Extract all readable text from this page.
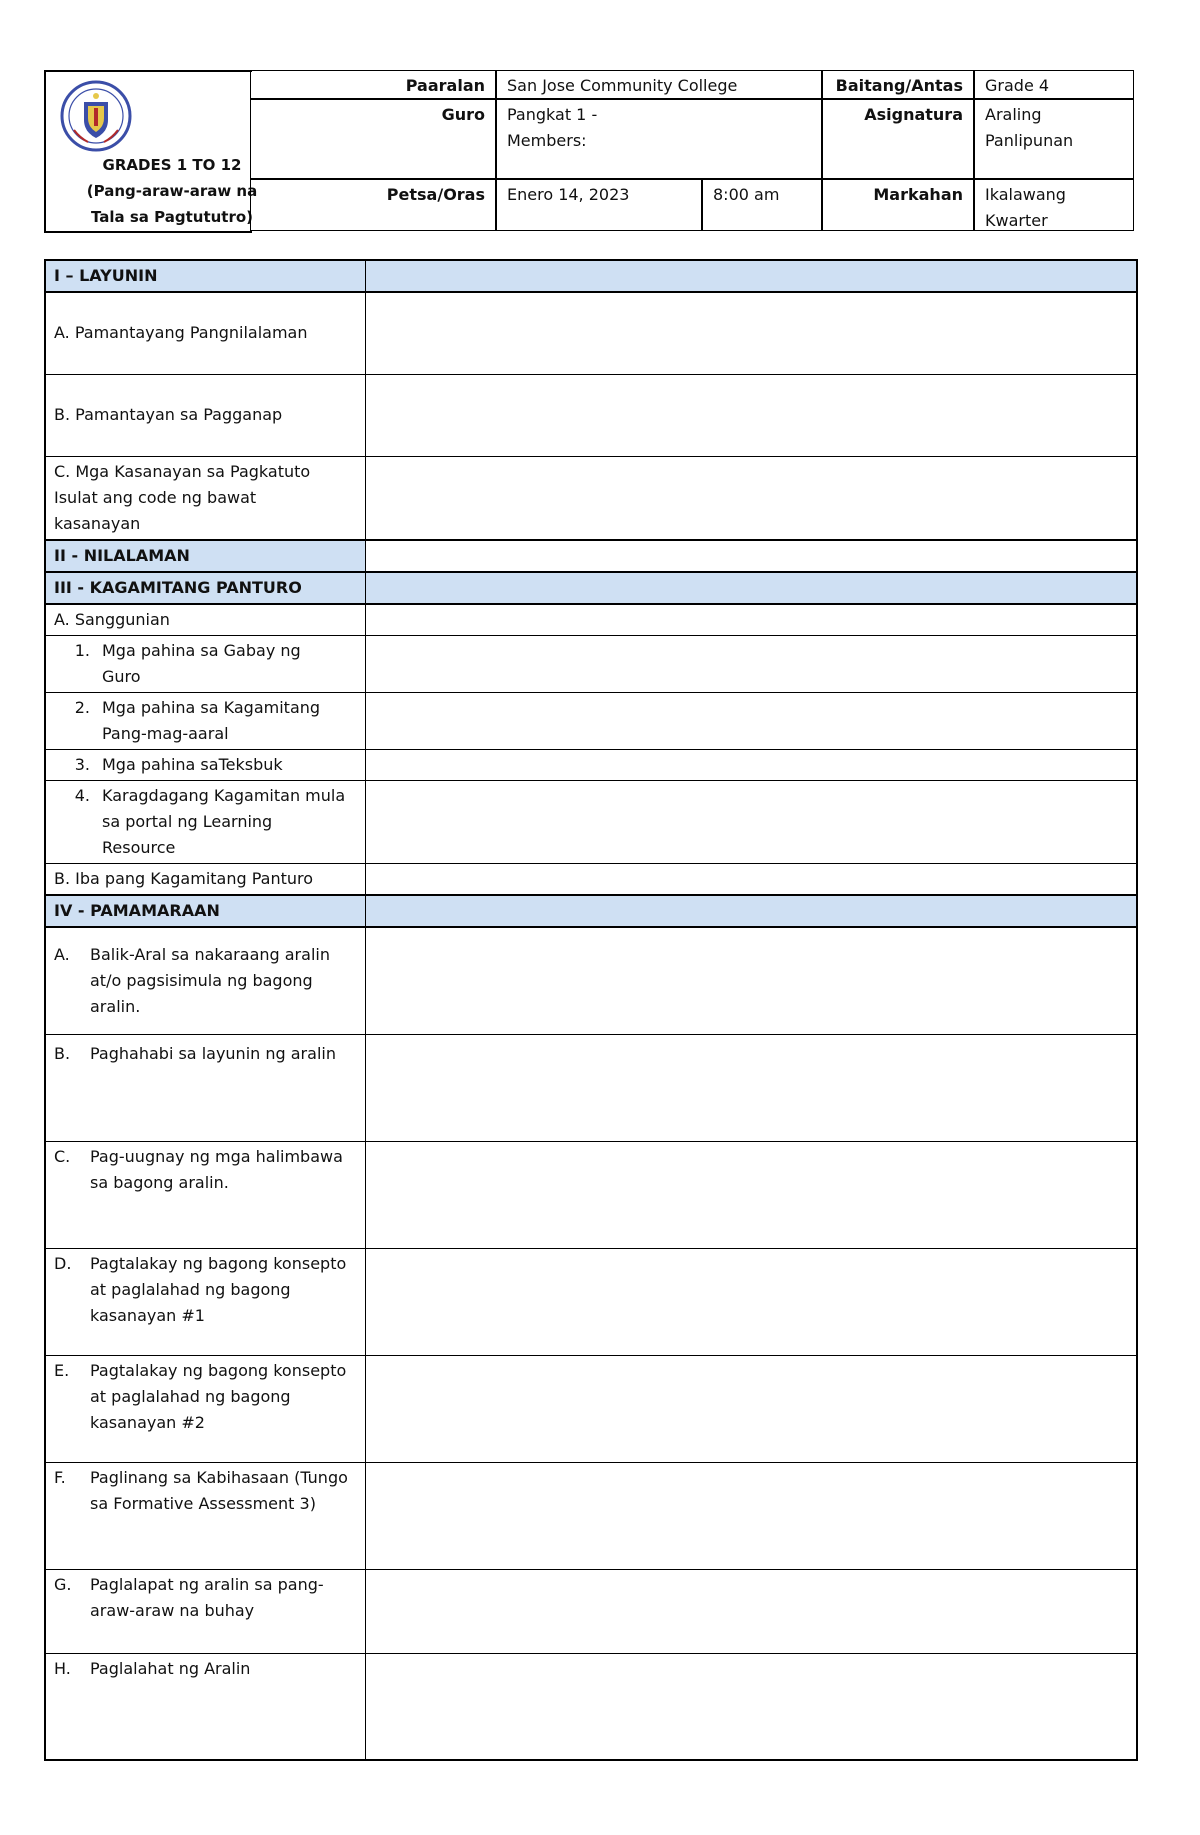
GRADES 1 TO 12
(Pang-araw-araw na
Tala sa Pagtututro)
Paaralan	San Jose Community College	Baitang/Antas	Grade 4
Guro	Pangkat 1 -
Members:
Asignatura	Araling
Panlipunan
Petsa/Oras	Enero 14, 2023	8:00 am	Markahan	Ikalawang
Kwarter
I – LAYUNIN	
A. Pamantayang Pangnilalaman	
B. Pamantayan sa Pagganap	

C. Mga Kasanayan sa Pagkatuto
Isulat ang code ng bawat
kasanayan	

II - NILALAMAN	
III - KAGAMITANG PANTURO	
A. Sanggunian	

1. Mga pahina sa Gabay ng
Guro	

2. Mga pahina sa Kagamitang
Pang-mag-aaral	

3. Mga pahina saTeksbuk	

4. Karagdagang Kagamitan mula
sa portal ng Learning
Resource	

B. Iba pang Kagamitang Panturo	
IV - PAMAMARAAN	

A. Balik-Aral sa nakaraang aralin at/o pagsisimula ng bagong aralin.	

B. Paghahabi sa layunin ng aralin	

C. Pag-uugnay ng mga halimbawa sa bagong aralin.	

D. Pagtalakay ng bagong konsepto at paglalahad ng bagong kasanayan #1	

E. Pagtalakay ng bagong konsepto at paglalahad ng bagong kasanayan #2	

F. Paglinang sa Kabihasaan (Tungo sa Formative Assessment 3)	

G. Paglalapat ng aralin sa pang-araw-araw na buhay	

H. Paglalahat ng Aralin	
